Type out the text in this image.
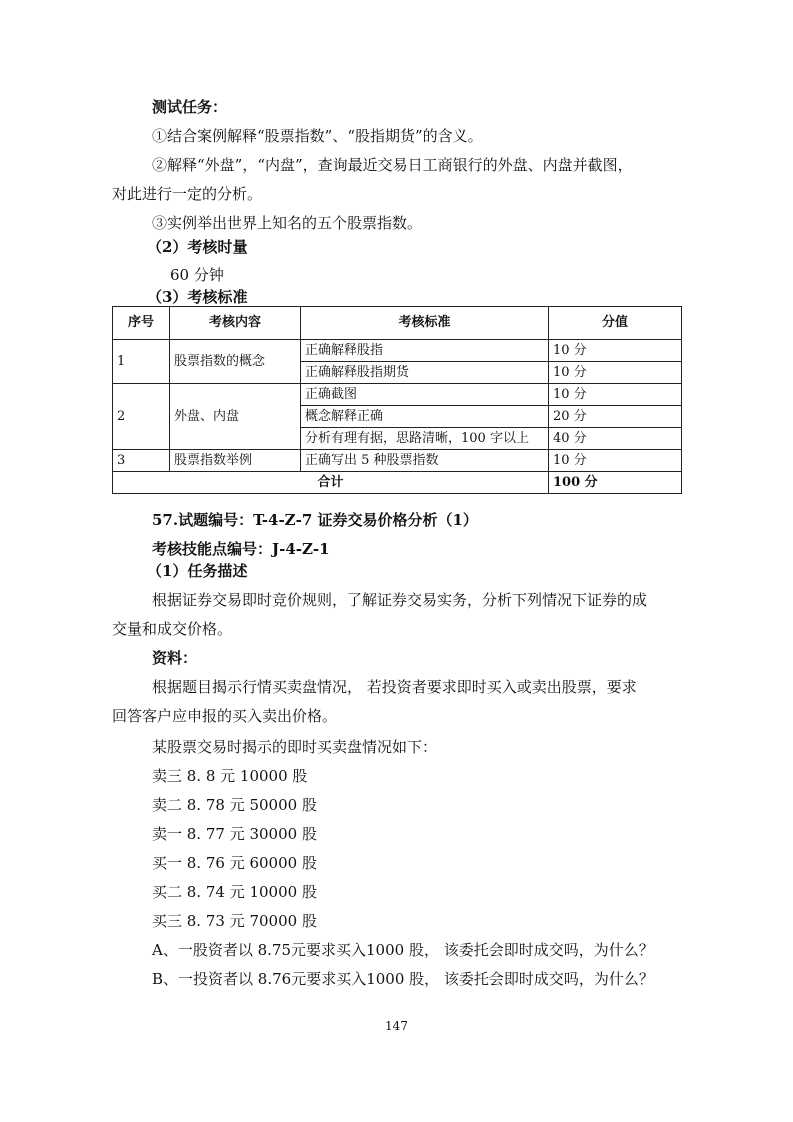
测试任务：
①结合案例解释“股票指数”、“股指期货”的含义。
②解释“外盘”，“内盘”，查询最近交易日工商银行的外盘、内盘并截图，
对此进行一定的分析。
③实例举出世界上知名的五个股票指数。
（2）考核时量
60 分钟
（3）考核标准
序号	考核内容	考核标准	分值
1	股票指数的概念	正确解释股指	10 分
		正确解释股指期货	10 分
2	外盘、内盘	正确截图	10 分
		概念解释正确	20 分
		分析有理有据，思路清晰，100 字以上	40 分
3	股票指数举例	正确写出 5 种股票指数	10 分
合计			100 分
57.试题编号：T-4-Z-7 证券交易价格分析（1）
考核技能点编号：J-4-Z-1
（1）任务描述
根据证券交易即时竞价规则，了解证券交易实务，分析下列情况下证券的成
交量和成交价格。
资料：
根据题目揭示行情买卖盘情况， 若投资者要求即时买入或卖出股票，要求
回答客户应申报的买入卖出价格。
某股票交易时揭示的即时买卖盘情况如下：
卖三 8. 8 元 10000 股
卖二 8. 78 元 50000 股
卖一 8. 77 元 30000 股
买一 8. 76 元 60000 股
买二 8. 74 元 10000 股
买三 8. 73 元 70000 股
A、一股资者以 8.75元要求买入1000 股， 该委托会即时成交吗，为什么？
B、一投资者以 8.76元要求买入1000 股， 该委托会即时成交吗，为什么？
147
